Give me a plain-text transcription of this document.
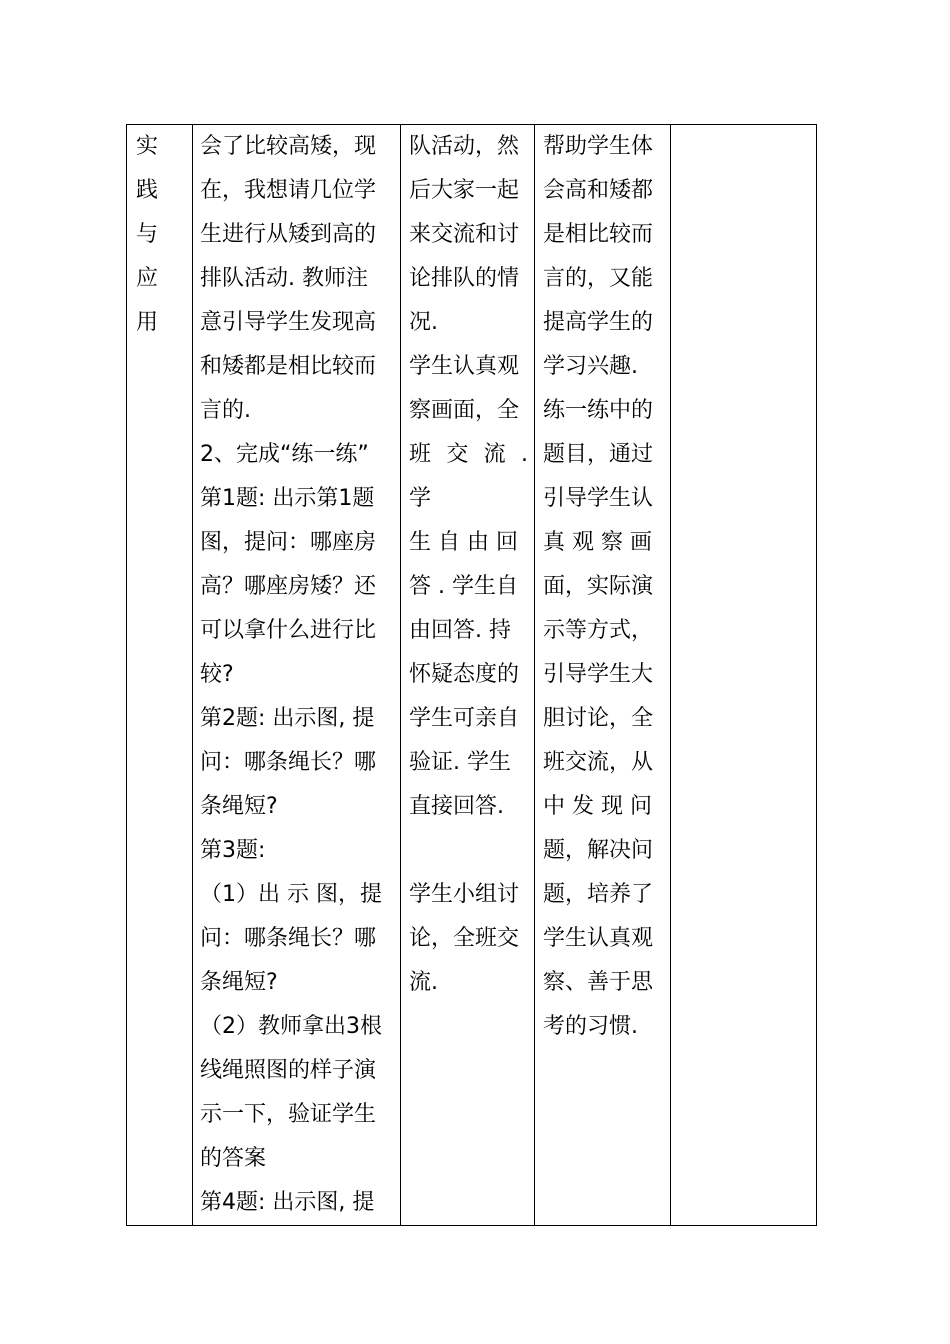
实
践
与
应
用

会了比较高矮，现
在，我想请几位学
生进行从矮到高的
排队活动. 教师注
意引导学生发现高
和矮都是相比较而
言的.
2、完成“练一练”
第1题: 出示第1题
图，提问：哪座房
高？哪座房矮？还
可以拿什么进行比
较?
第2题: 出示图, 提
问：哪条绳长？哪
条绳短?
第3题:
（1）出 示 图，提
问：哪条绳长？哪
条绳短?
（2）教师拿出3根
线绳照图的样子演
示一下，验证学生
的答案
第4题: 出示图, 提

队活动，然
后大家一起
来交流和讨
论排队的情
况.
学生认真观
察画面，全
班 交 流 . 学
生 自 由 回
答 . 学生自
由回答. 持
怀疑态度的
学生可亲自
验证. 学生
直接回答.
学生小组讨
论，全班交
流.

帮助学生体
会高和矮都
是相比较而
言的，又能
提高学生的
学习兴趣.
练一练中的
题目，通过
引导学生认
真 观 察 画
面，实际演
示等方式，
引导学生大
胆讨论，全
班交流，从
中 发 现 问
题，解决问
题，培养了
学生认真观
察、善于思
考的习惯.
